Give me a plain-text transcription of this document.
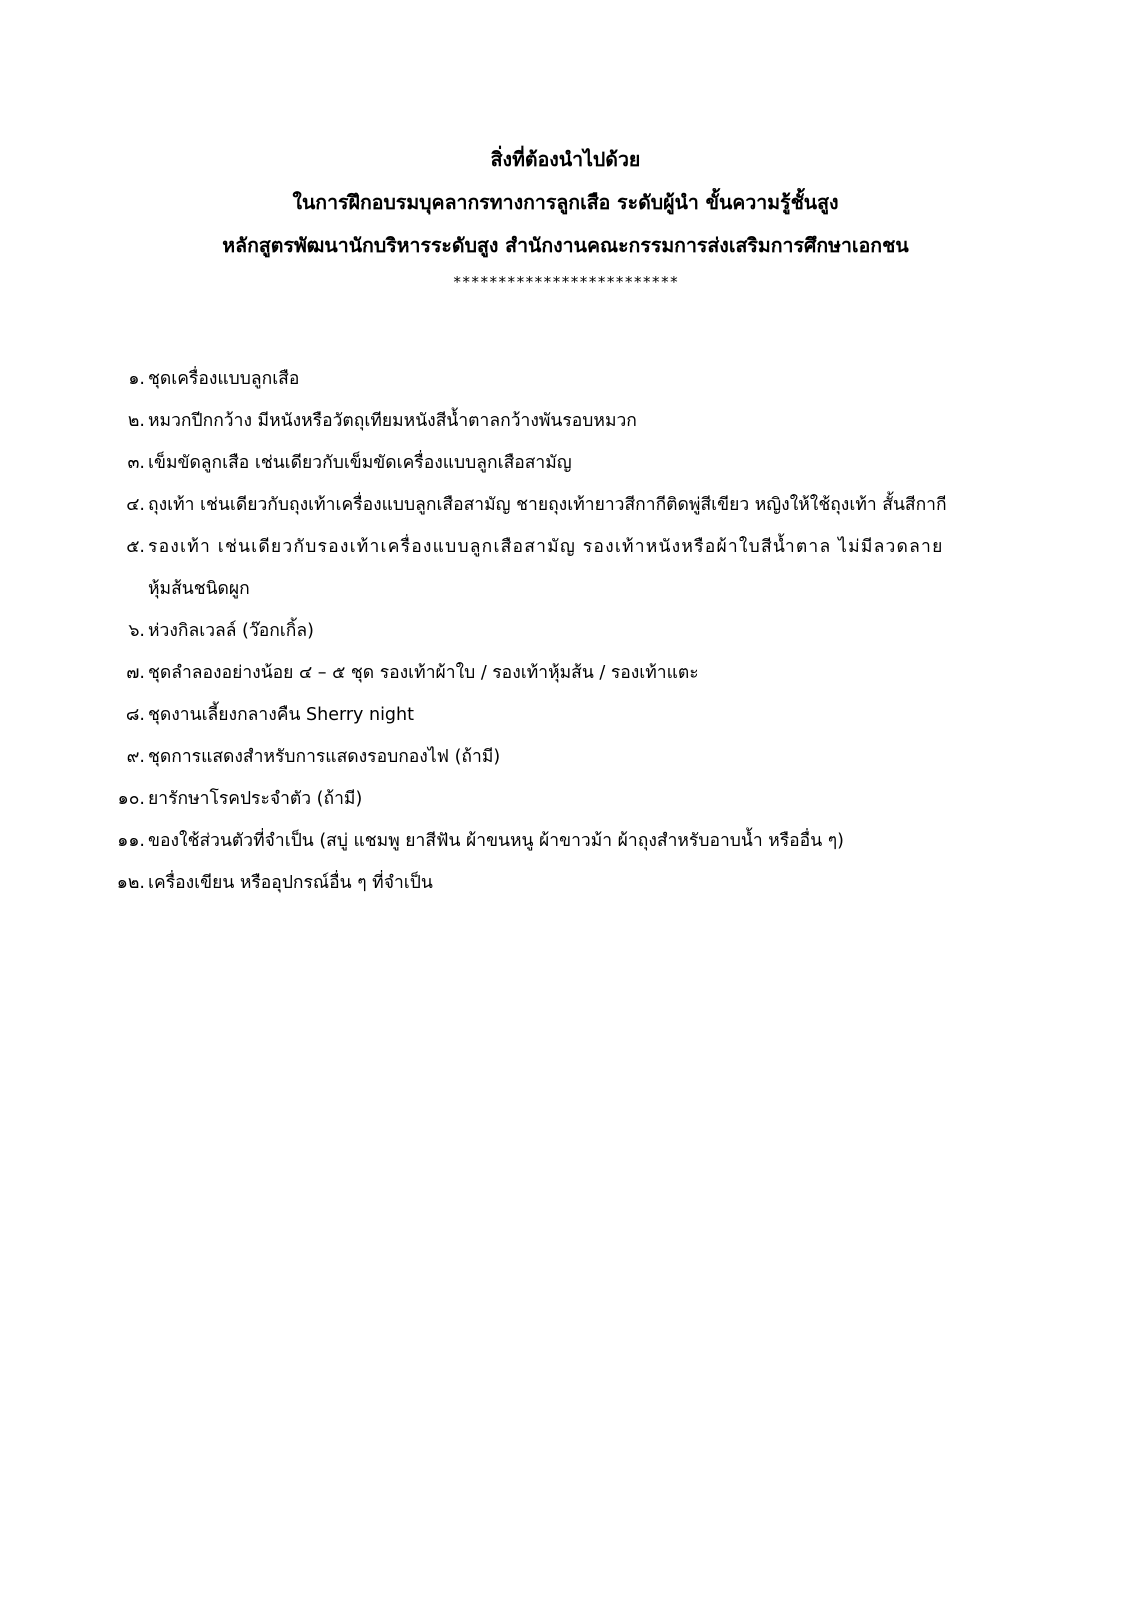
สิ่งที่ต้องนำไปด้วย
ในการฝึกอบรมบุคลากรทางการลูกเสือ ระดับผู้นำ ขั้นความรู้ชั้นสูง
หลักสูตรพัฒนานักบริหารระดับสูง สำนักงานคณะกรรมการส่งเสริมการศึกษาเอกชน
*************************
๑. ชุดเครื่องแบบลูกเสือ
๒. หมวกปีกกว้าง มีหนังหรือวัตถุเทียมหนังสีน้ำตาลกว้างพันรอบหมวก
๓. เข็มขัดลูกเสือ เช่นเดียวกับเข็มขัดเครื่องแบบลูกเสือสามัญ
๔. ถุงเท้า เช่นเดียวกับถุงเท้าเครื่องแบบลูกเสือสามัญ ชายถุงเท้ายาวสีกากีติดพู่สีเขียว หญิงให้ใช้ถุงเท้า สั้นสีกากี
๕. รองเท้า เช่นเดียวกับรองเท้าเครื่องแบบลูกเสือสามัญ รองเท้าหนังหรือผ้าใบสีน้ำตาล ไม่มีลวดลาย
หุ้มส้นชนิดผูก
๖. ห่วงกิลเวลล์ (ว๊อกเกิ้ล)
๗. ชุดลำลองอย่างน้อย ๔ – ๕ ชุด รองเท้าผ้าใบ / รองเท้าหุ้มส้น / รองเท้าแตะ
๘. ชุดงานเลี้ยงกลางคืน Sherry night
๙. ชุดการแสดงสำหรับการแสดงรอบกองไฟ (ถ้ามี)
๑๐. ยารักษาโรคประจำตัว (ถ้ามี)
๑๑. ของใช้ส่วนตัวที่จำเป็น (สบู่ แชมพู ยาสีฟัน ผ้าขนหนู ผ้าขาวม้า ผ้าถุงสำหรับอาบน้ำ หรืออื่น ๆ)
๑๒. เครื่องเขียน หรืออุปกรณ์อื่น ๆ ที่จำเป็น
